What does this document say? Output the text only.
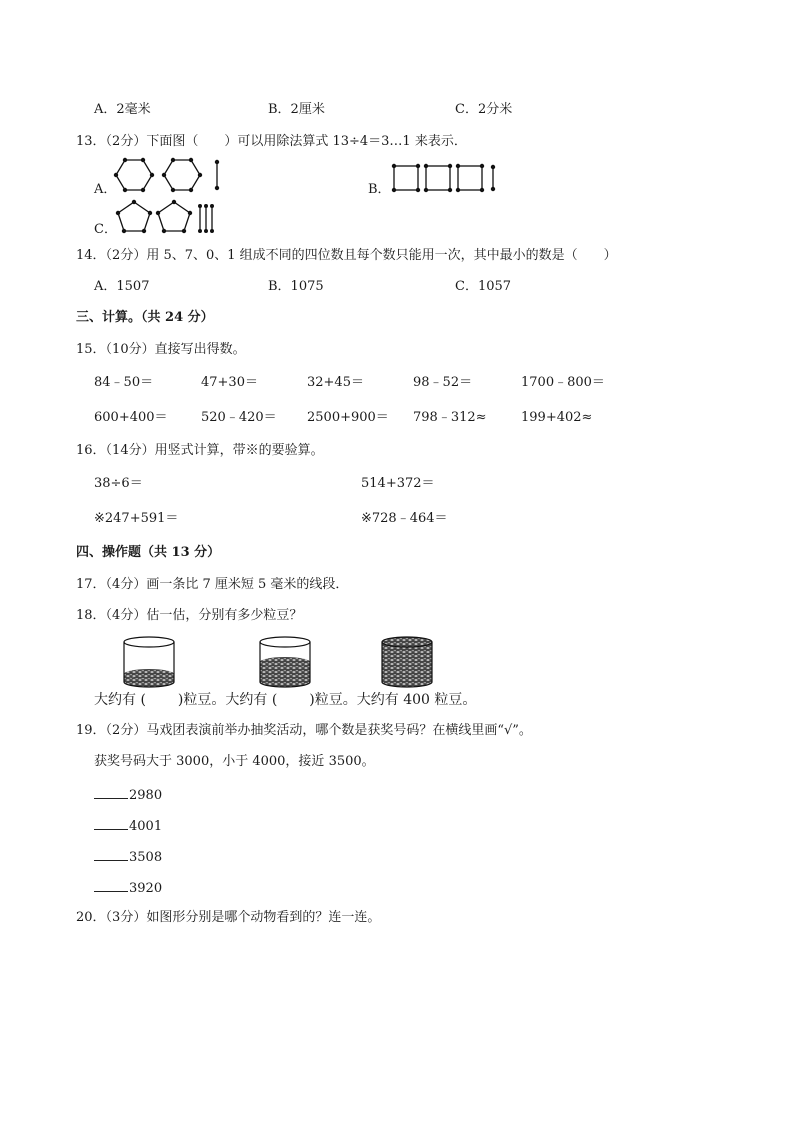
A．2毫米	B．2厘米	C．2分米
13．（2分）下面图（　　）可以用除法算式 13÷4＝3…1 来表示．
A．	B．
C．
14．（2分）用 5、7、0、1 组成不同的四位数且每个数只能用一次，其中最小的数是（　　）
A．1507	B．1075	C．1057
三、计算。（共 24 分）
15．（10分）直接写出得数。
84﹣50＝	47+30＝	32+45＝	98﹣52＝	1700﹣800＝
600+400＝	520﹣420＝ 2500+900＝ 798﹣312≈	199+402≈
16．（14分）用竖式计算，带※的要验算。
38÷6＝	514+372＝
※247+591＝	※728﹣464＝
四、操作题（共 13 分）
17．（4分）画一条比 7 厘米短 5 毫米的线段．
18．（4分）估一估，分别有多少粒豆？
大约有 ( )粒豆。大约有 ( )粒豆。大约有 400 粒豆。
19．（2分）马戏团表演前举办抽奖活动，哪个数是获奖号码？在横线里画“√”。
获奖号码大于 3000，小于 4000，接近 3500。
2980
4001
3508
3920
20．（3分）如图形分别是哪个动物看到的？连一连。
